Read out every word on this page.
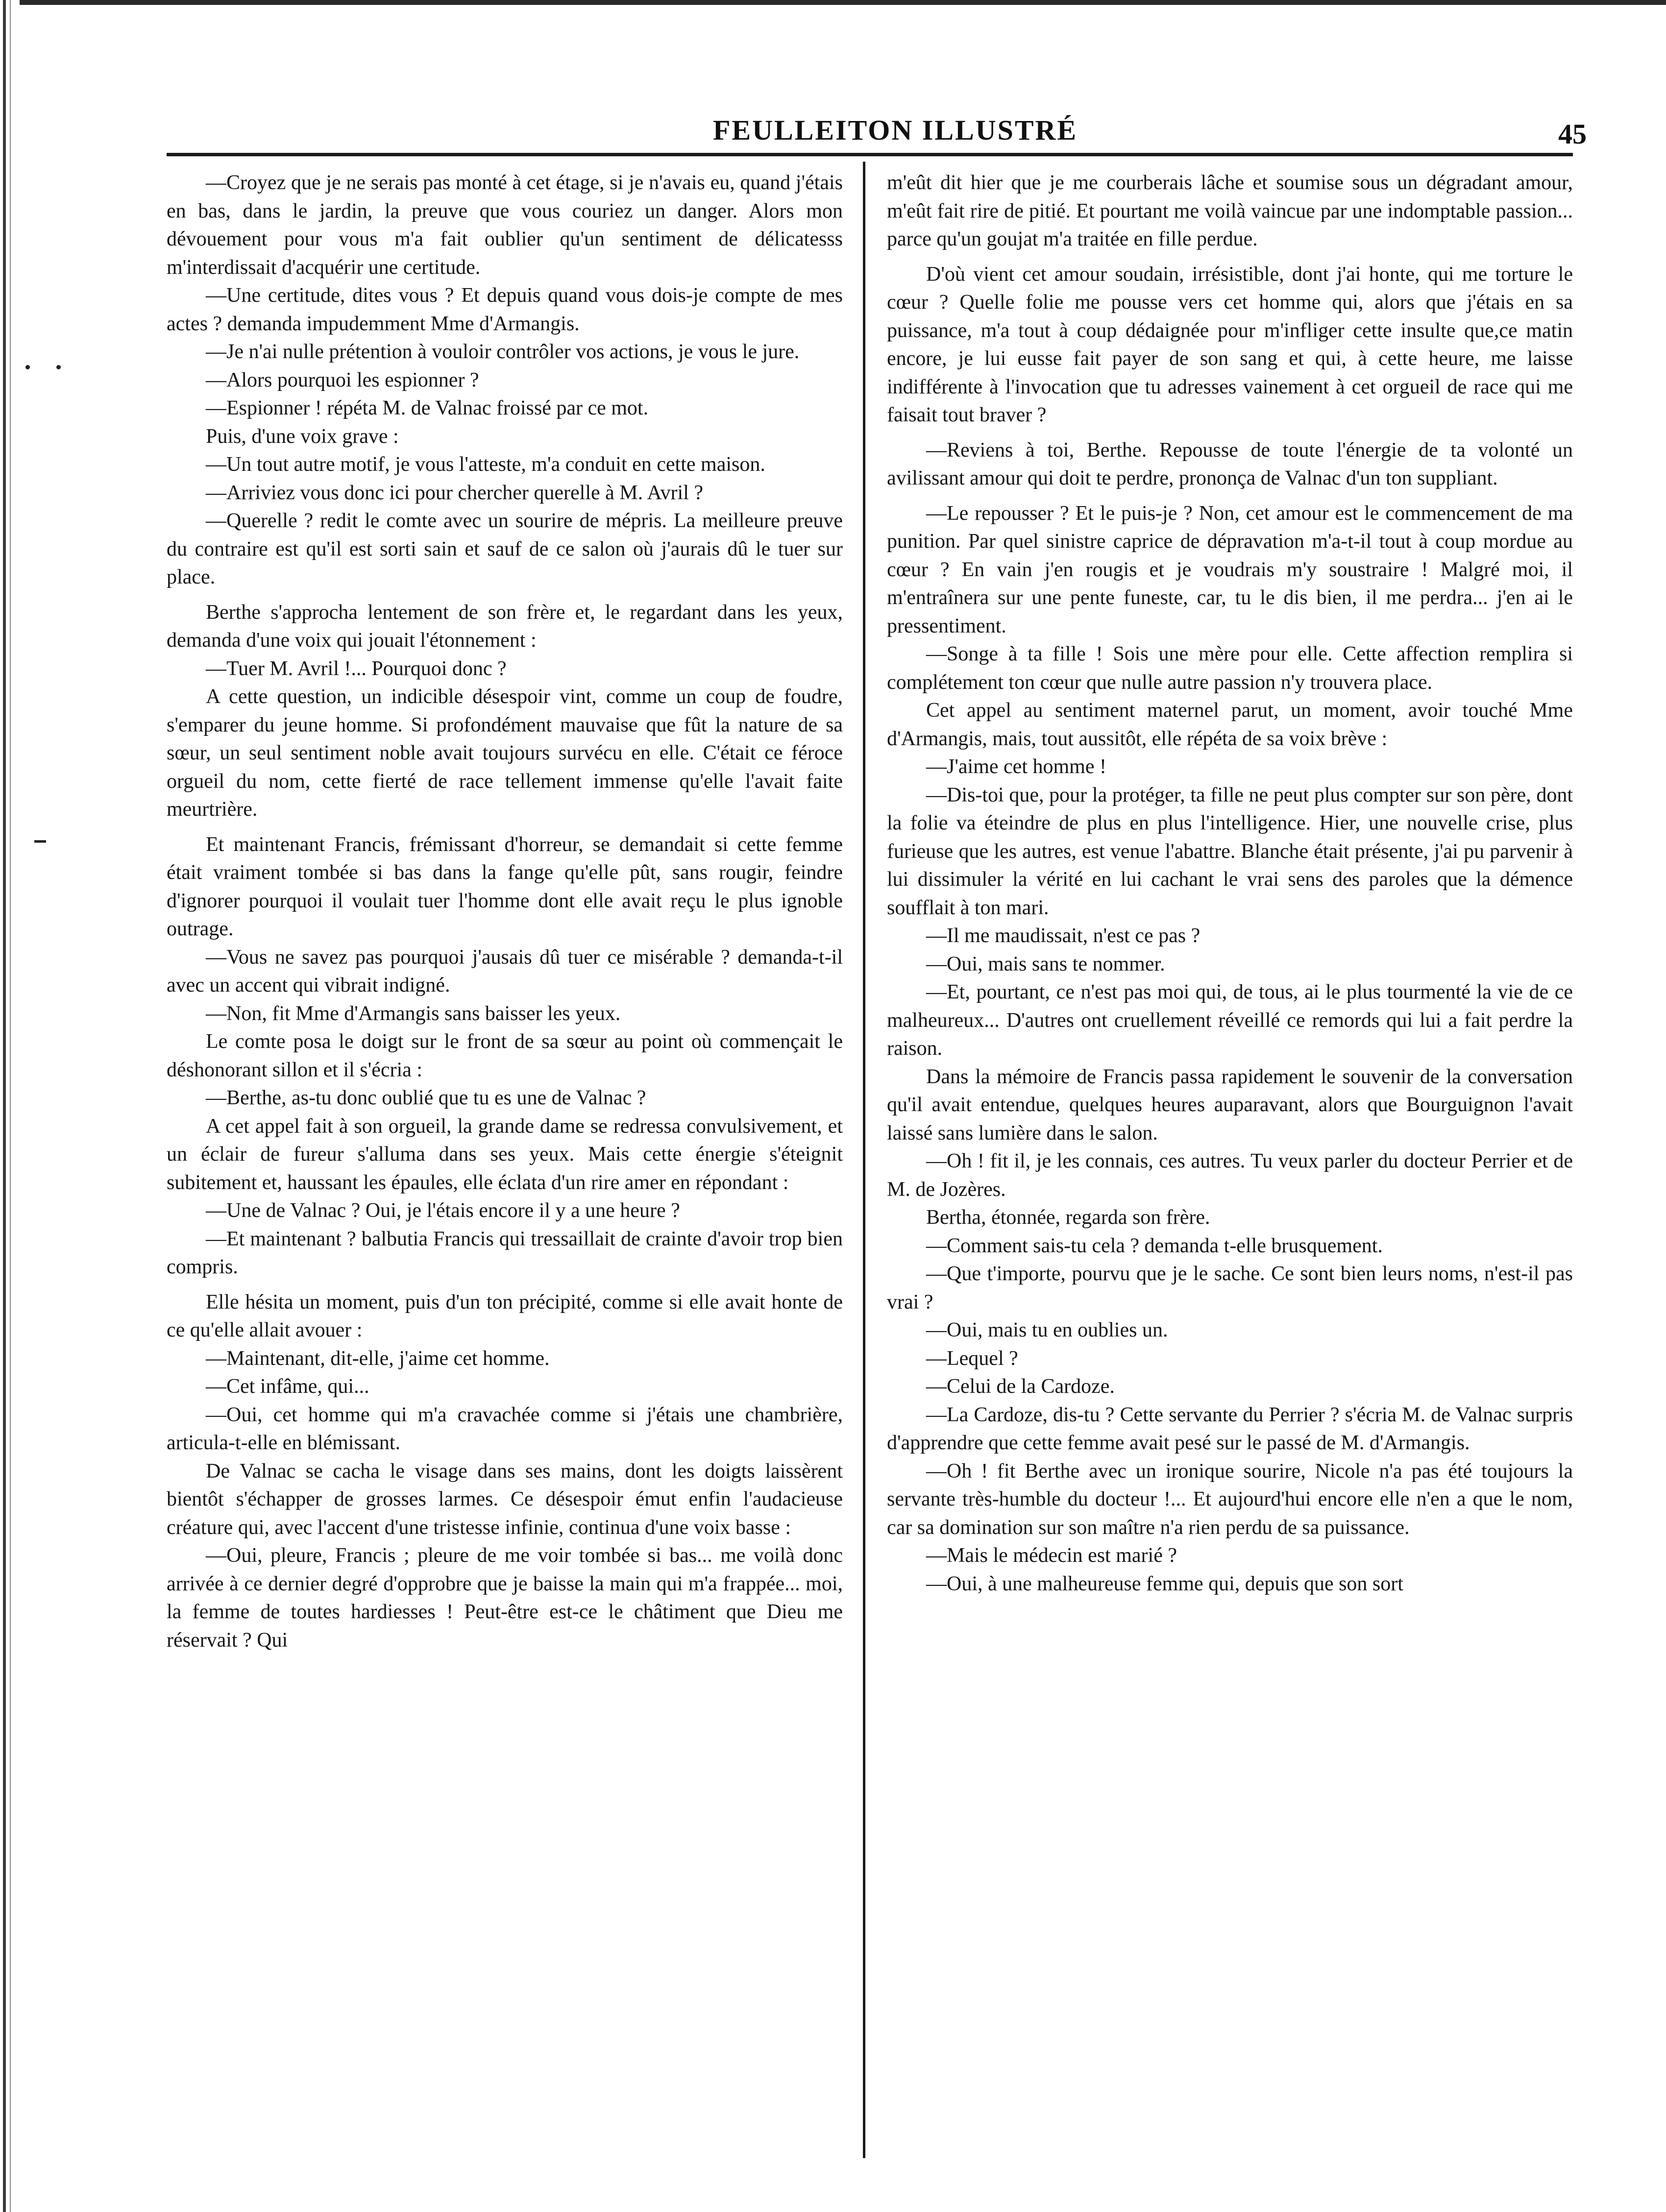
FEULLEITON ILLUSTRÉ	45

—Croyez que je ne serais pas monté à cet étage, si je n'avais eu, quand j'étais en bas, dans le jardin, la preuve que vous couriez un danger. Alors mon dévouement pour vous m'a fait oublier qu'un sentiment de délicatesss m'interdissait d'acquérir une certitude.

—Une certitude, dites vous ? Et depuis quand vous dois-je compte de mes actes ? demanda impudemment Mme d'Armangis.

—Je n'ai nulle prétention à vouloir contrôler vos actions, je vous le jure.

—Alors pourquoi les espionner ?

—Espionner ! répéta M. de Valnac froissé par ce mot.

Puis, d'une voix grave :

—Un tout autre motif, je vous l'atteste, m'a conduit en cette maison.

—Arriviez vous donc ici pour chercher querelle à M. Avril ?

—Querelle ? redit le comte avec un sourire de mépris. La meilleure preuve du contraire est qu'il est sorti sain et sauf de ce salon où j'aurais dû le tuer sur place.

Berthe s'approcha lentement de son frère et, le regardant dans les yeux, demanda d'une voix qui jouait l'étonnement :

—Tuer M. Avril !... Pourquoi donc ?

A cette question, un indicible désespoir vint, comme un coup de foudre, s'emparer du jeune homme. Si profondément mauvaise que fût la nature de sa sœur, un seul sentiment noble avait toujours survécu en elle. C'était ce féroce orgueil du nom, cette fierté de race tellement immense qu'elle l'avait faite meurtrière.

Et maintenant Francis, frémissant d'horreur, se demandait si cette femme était vraiment tombée si bas dans la fange qu'elle pût, sans rougir, feindre d'ignorer pourquoi il voulait tuer l'homme dont elle avait reçu le plus ignoble outrage.

—Vous ne savez pas pourquoi j'ausais dû tuer ce misérable ? demanda-t-il avec un accent qui vibrait indigné.

—Non, fit Mme d'Armangis sans baisser les yeux.

Le comte posa le doigt sur le front de sa sœur au point où commençait le déshonorant sillon et il s'écria :

—Berthe, as-tu donc oublié que tu es une de Valnac ?

A cet appel fait à son orgueil, la grande dame se redressa convulsivement, et un éclair de fureur s'alluma dans ses yeux. Mais cette énergie s'éteignit subitement et, haussant les épaules, elle éclata d'un rire amer en répondant :

—Une de Valnac ? Oui, je l'étais encore il y a une heure ?

—Et maintenant ? balbutia Francis qui tressaillait de crainte d'avoir trop bien compris.

Elle hésita un moment, puis d'un ton précipité, comme si elle avait honte de ce qu'elle allait avouer :

—Maintenant, dit-elle, j'aime cet homme.

—Cet infâme, qui...

—Oui, cet homme qui m'a cravachée comme si j'étais une chambrière, articula-t-elle en blémissant.

De Valnac se cacha le visage dans ses mains, dont les doigts laissèrent bientôt s'échapper de grosses larmes. Ce désespoir émut enfin l'audacieuse créature qui, avec l'accent d'une tristesse infinie, continua d'une voix basse :

—Oui, pleure, Francis ; pleure de me voir tombée si bas... me voilà donc arrivée à ce dernier degré d'opprobre que je baisse la main qui m'a frappée... moi, la femme de toutes hardiesses ! Peut-être est-ce le châtiment que Dieu me réservait ? Qui

m'eût dit hier que je me courberais lâche et soumise sous un dégradant amour, m'eût fait rire de pitié. Et pourtant me voilà vaincue par une indomptable passion... parce qu'un goujat m'a traitée en fille perdue.

D'où vient cet amour soudain, irrésistible, dont j'ai honte, qui me torture le cœur ? Quelle folie me pousse vers cet homme qui, alors que j'étais en sa puissance, m'a tout à coup dédaignée pour m'infliger cette insulte que,ce matin encore, je lui eusse fait payer de son sang et qui, à cette heure, me laisse indifférente à l'invocation que tu adresses vainement à cet orgueil de race qui me faisait tout braver ?

—Reviens à toi, Berthe. Repousse de toute l'énergie de ta volonté un avilissant amour qui doit te perdre, prononça de Valnac d'un ton suppliant.

—Le repousser ? Et le puis-je ? Non, cet amour est le commencement de ma punition. Par quel sinistre caprice de dépravation m'a-t-il tout à coup mordue au cœur ? En vain j'en rougis et je voudrais m'y soustraire ! Malgré moi, il m'entraînera sur une pente funeste, car, tu le dis bien, il me perdra... j'en ai le pressentiment.

—Songe à ta fille ! Sois une mère pour elle. Cette affection remplira si complétement ton cœur que nulle autre passion n'y trouvera place.

Cet appel au sentiment maternel parut, un moment, avoir touché Mme d'Armangis, mais, tout aussitôt, elle répéta de sa voix brève :

—J'aime cet homme !

—Dis-toi que, pour la protéger, ta fille ne peut plus compter sur son père, dont la folie va éteindre de plus en plus l'intelligence. Hier, une nouvelle crise, plus furieuse que les autres, est venue l'abattre. Blanche était présente, j'ai pu parvenir à lui dissimuler la vérité en lui cachant le vrai sens des paroles que la démence soufflait à ton mari.

—Il me maudissait, n'est ce pas ?

—Oui, mais sans te nommer.

—Et, pourtant, ce n'est pas moi qui, de tous, ai le plus tourmenté la vie de ce malheureux... D'autres ont cruellement réveillé ce remords qui lui a fait perdre la raison.

Dans la mémoire de Francis passa rapidement le souvenir de la conversation qu'il avait entendue, quelques heures auparavant, alors que Bourguignon l'avait laissé sans lumière dans le salon.

—Oh ! fit il, je les connais, ces autres. Tu veux parler du docteur Perrier et de M. de Jozères.

Bertha, étonnée, regarda son frère.

—Comment sais-tu cela ? demanda t-elle brusquement.

—Que t'importe, pourvu que je le sache. Ce sont bien leurs noms, n'est-il pas vrai ?

—Oui, mais tu en oublies un.

—Lequel ?

—Celui de la Cardoze.

—La Cardoze, dis-tu ? Cette servante du Perrier ? s'écria M. de Valnac surpris d'apprendre que cette femme avait pesé sur le passé de M. d'Armangis.

—Oh ! fit Berthe avec un ironique sourire, Nicole n'a pas été toujours la servante très-humble du docteur !... Et aujourd'hui encore elle n'en a que le nom, car sa domination sur son maître n'a rien perdu de sa puissance.

—Mais le médecin est marié ?

—Oui, à une malheureuse femme qui, depuis que son sort
